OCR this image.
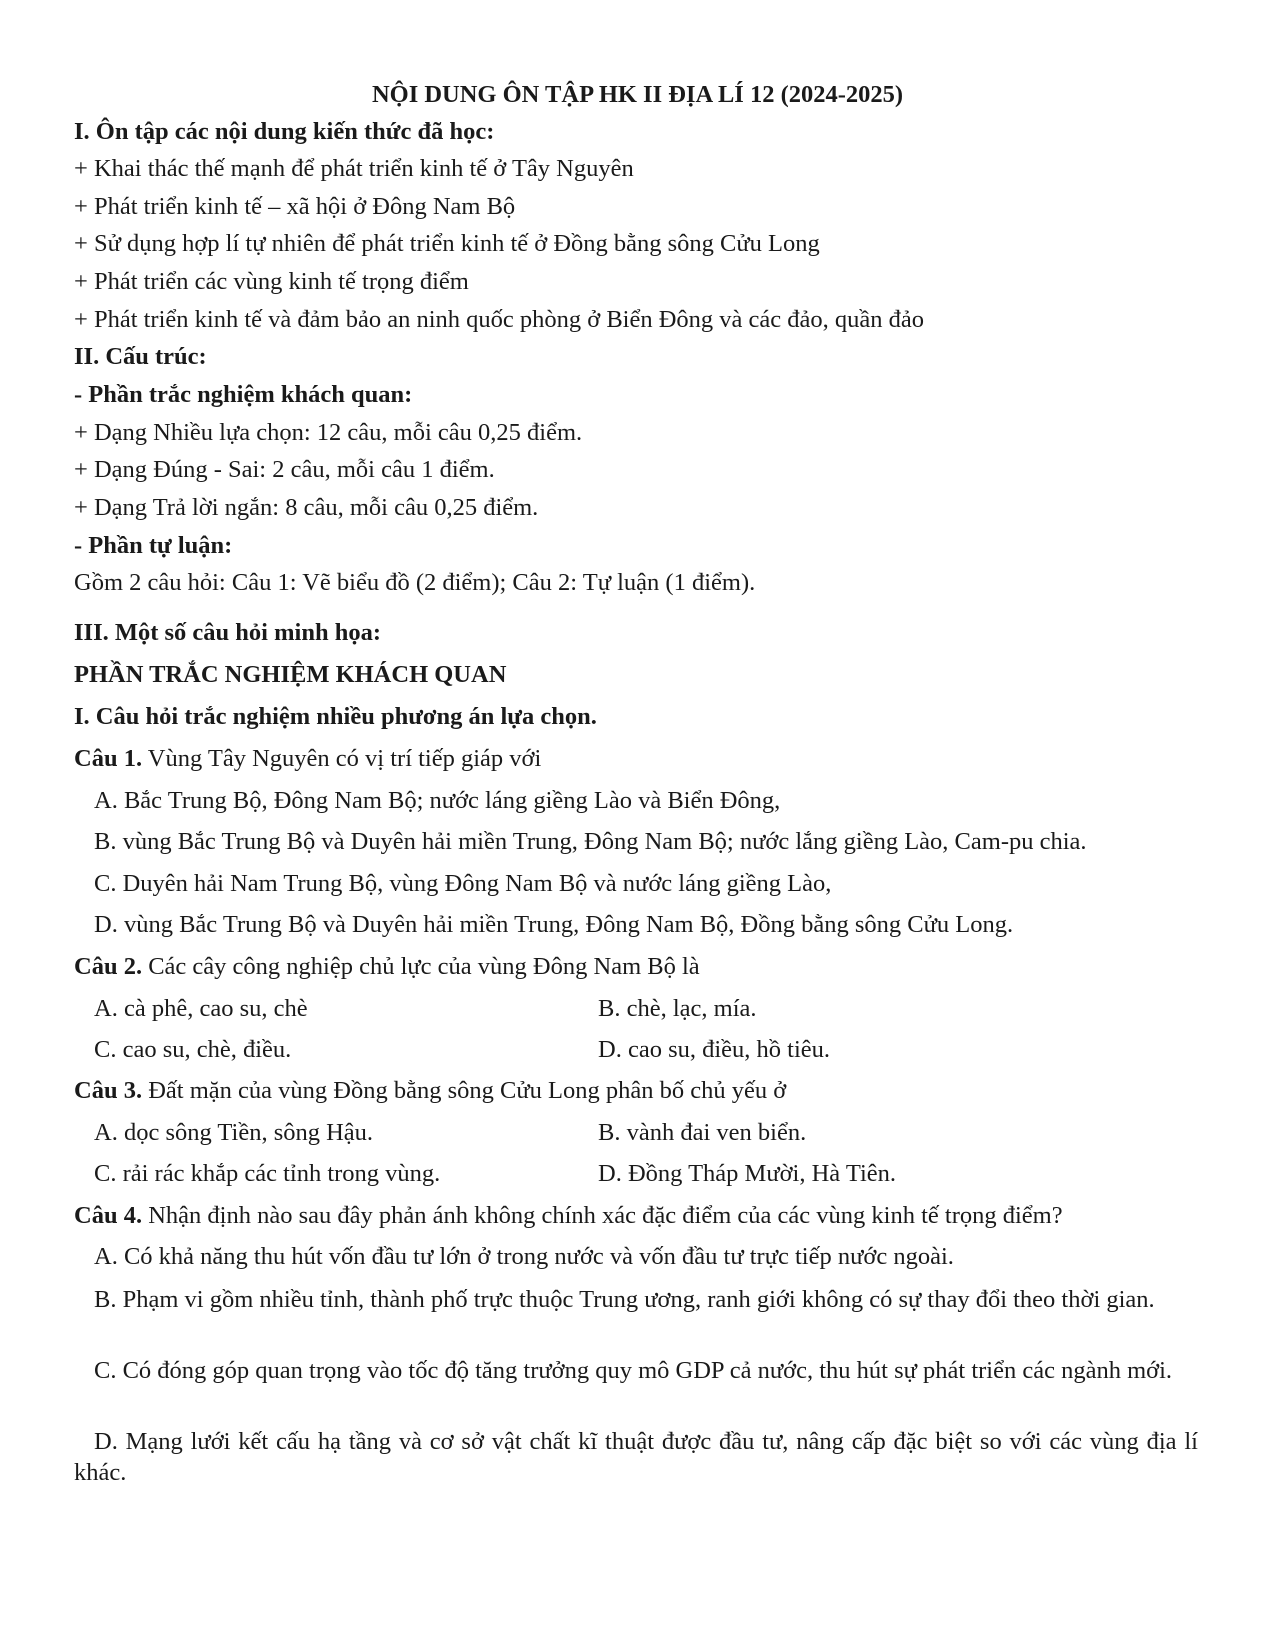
NỘI DUNG ÔN TẬP HK II ĐỊA LÍ 12 (2024-2025)
I. Ôn tập các nội dung kiến thức đã học:
+ Khai thác thế mạnh để phát triển kinh tế ở Tây Nguyên
+ Phát triển kinh tế – xã hội ở Đông Nam Bộ
+ Sử dụng hợp lí tự nhiên để phát triển kinh tế ở Đồng bằng sông Cửu Long
+ Phát triển các vùng kinh tế trọng điểm
+ Phát triển kinh tế và đảm bảo an ninh quốc phòng ở Biển Đông và các đảo, quần đảo
II. Cấu trúc:
- Phần trắc nghiệm khách quan:
+ Dạng Nhiều lựa chọn: 12 câu, mỗi câu 0,25 điểm.
+ Dạng Đúng - Sai: 2 câu, mỗi câu 1 điểm.
+ Dạng Trả lời ngắn: 8 câu, mỗi câu 0,25 điểm.
- Phần tự luận:
Gồm 2 câu hỏi: Câu 1: Vẽ biểu đồ (2 điểm); Câu 2: Tự luận (1 điểm).
III. Một số câu hỏi minh họa:
PHẦN TRẮC NGHIỆM KHÁCH QUAN
I. Câu hỏi trắc nghiệm nhiều phương án lựa chọn.
Câu 1. Vùng Tây Nguyên có vị trí tiếp giáp với
A. Bắc Trung Bộ, Đông Nam Bộ; nước láng giềng Lào và Biển Đông,
B. vùng Bắc Trung Bộ và Duyên hải miền Trung, Đông Nam Bộ; nước lắng giềng Lào, Cam-pu chia.
C. Duyên hải Nam Trung Bộ, vùng Đông Nam Bộ và nước láng giềng Lào,
D. vùng Bắc Trung Bộ và Duyên hải miền Trung, Đông Nam Bộ, Đồng bằng sông Cửu Long.
Câu 2. Các cây công nghiệp chủ lực của vùng Đông Nam Bộ là
A. cà phê, cao su, chè	B. chè, lạc, mía.
C. cao su, chè, điều.	D. cao su, điều, hồ tiêu.
Câu 3. Đất mặn của vùng Đồng bằng sông Cửu Long phân bố chủ yếu ở
A. dọc sông Tiền, sông Hậu.	B. vành đai ven biển.
C. rải rác khắp các tỉnh trong vùng.	D. Đồng Tháp Mười, Hà Tiên.
Câu 4. Nhận định nào sau đây phản ánh không chính xác đặc điểm của các vùng kinh tế trọng điểm?
A. Có khả năng thu hút vốn đầu tư lớn ở trong nước và vốn đầu tư trực tiếp nước ngoài.
B. Phạm vi gồm nhiều tỉnh, thành phố trực thuộc Trung ương, ranh giới không có sự thay đổi theo thời gian.
C. Có đóng góp quan trọng vào tốc độ tăng trưởng quy mô GDP cả nước, thu hút sự phát triển các ngành mới.
D. Mạng lưới kết cấu hạ tầng và cơ sở vật chất kĩ thuật được đầu tư, nâng cấp đặc biệt so với các vùng địa lí khác.
